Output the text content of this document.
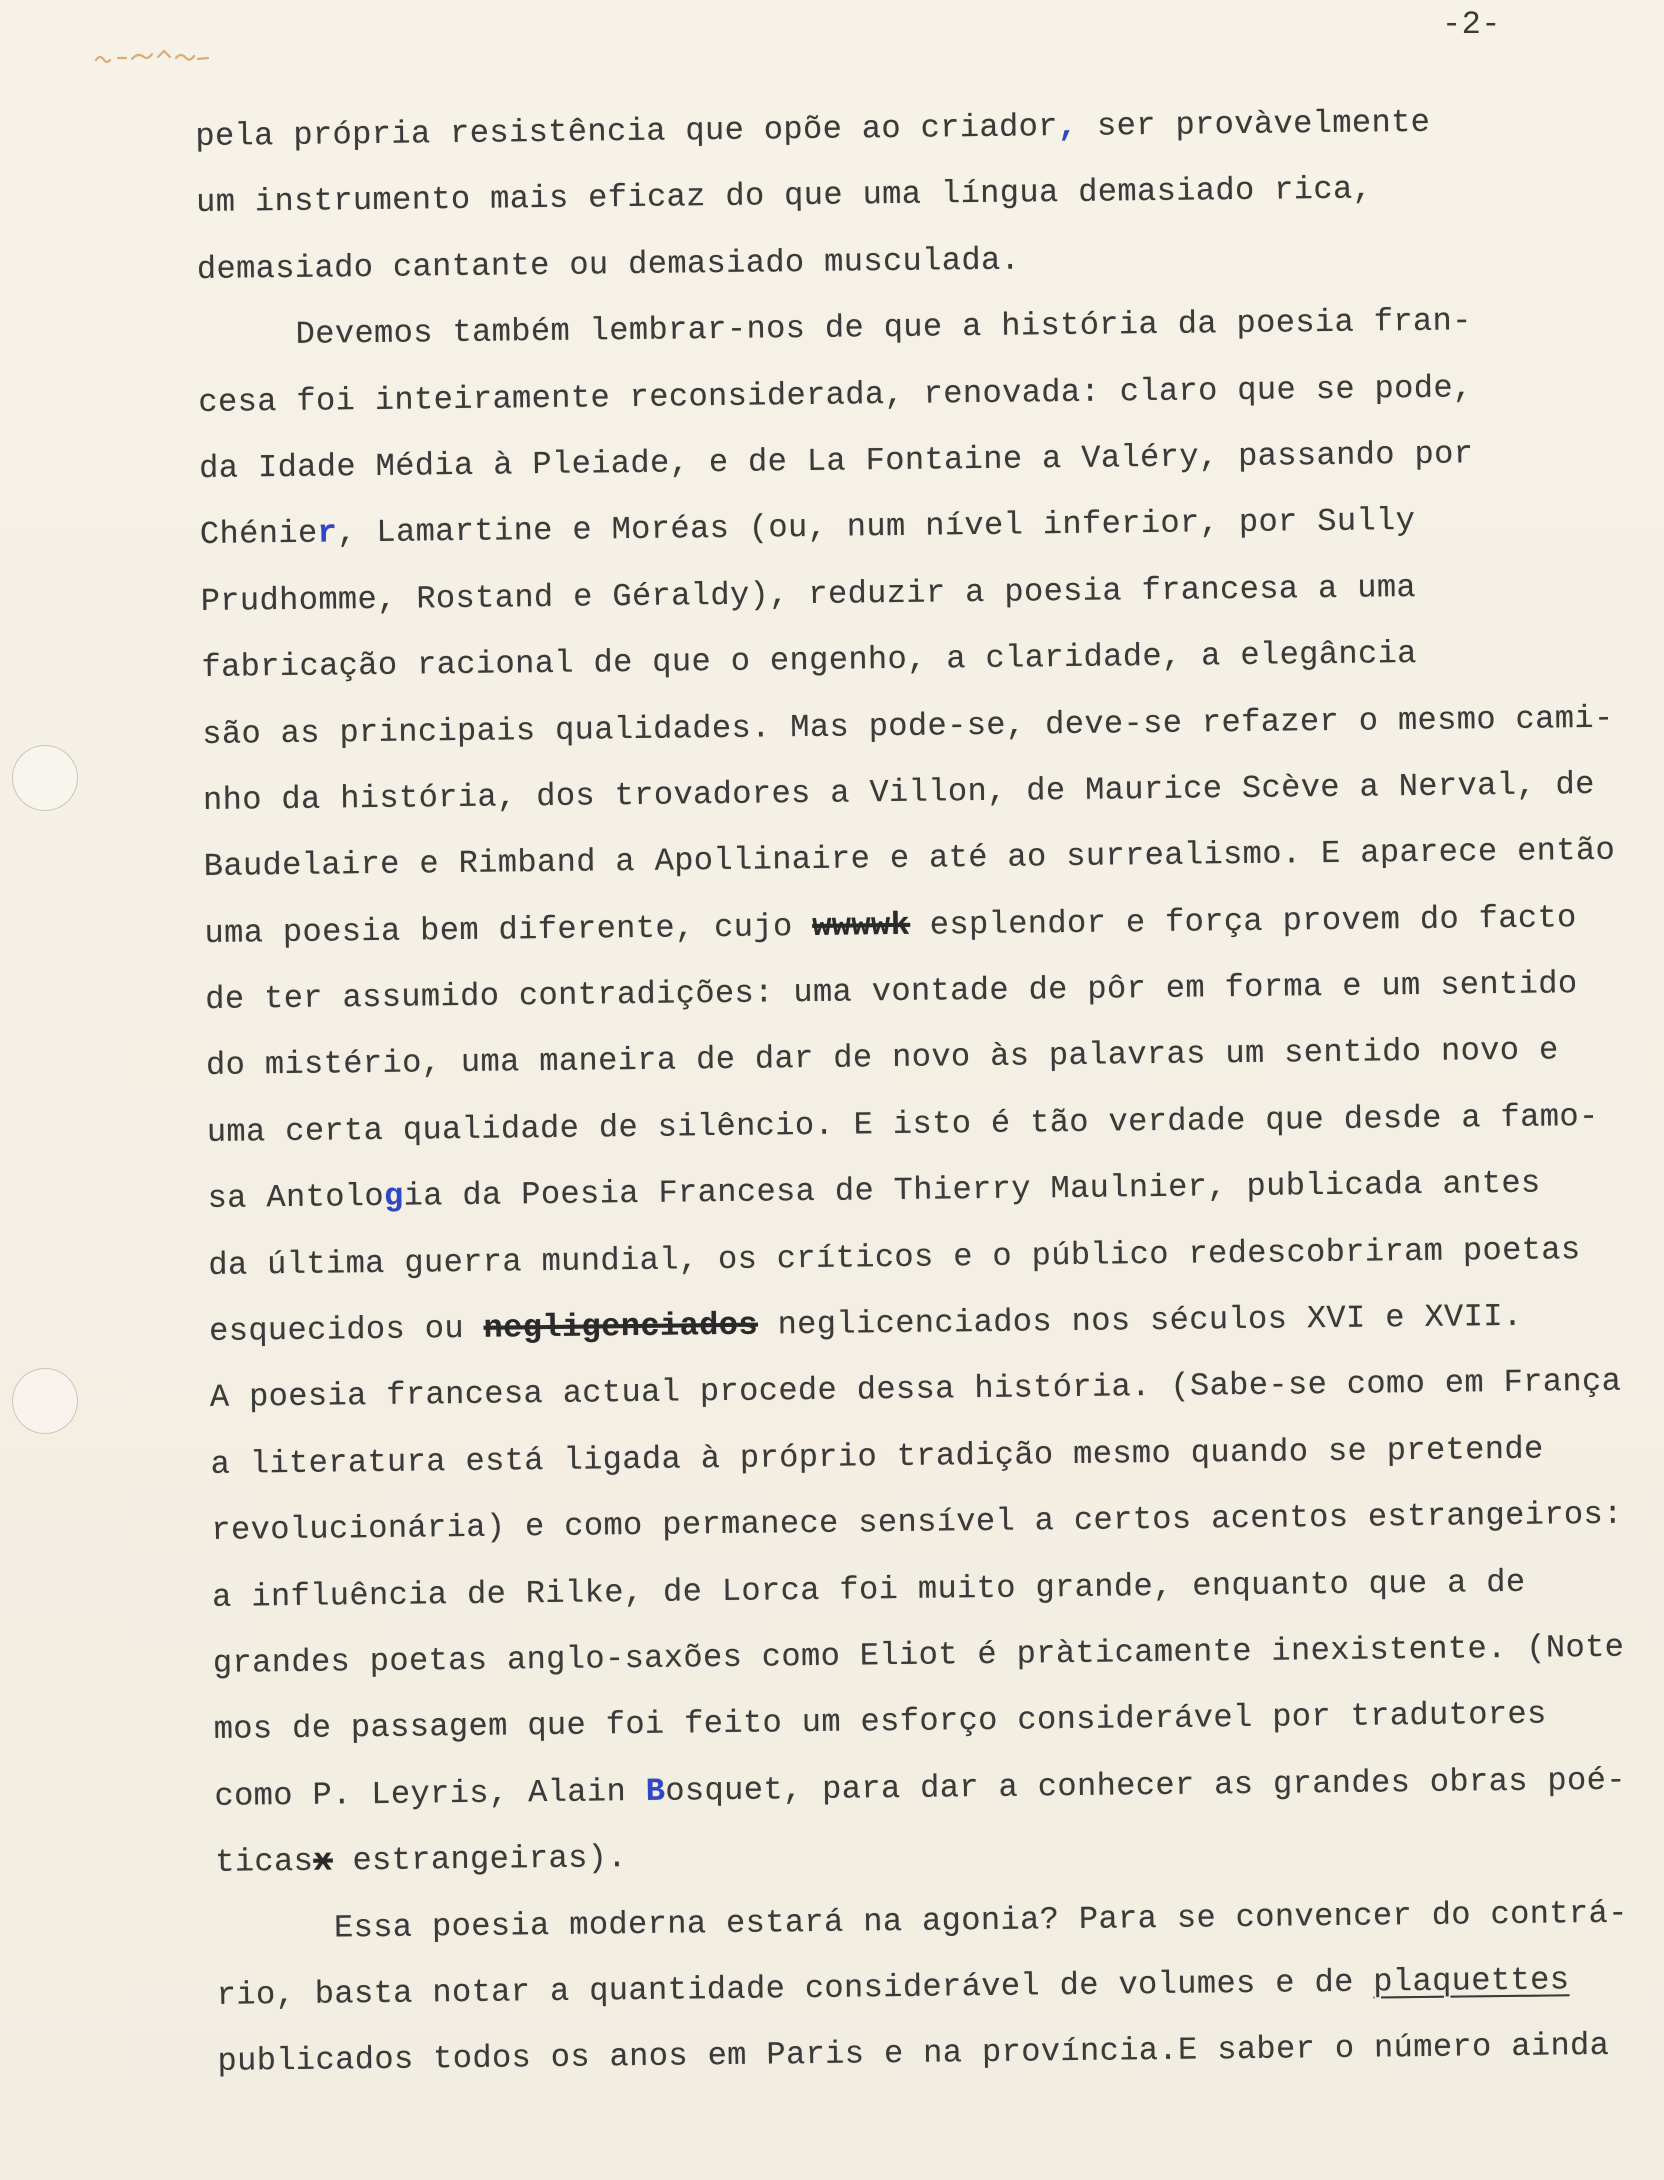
-2-
pela própria resistência que opõe ao criador, ser provàvelmente
um instrumento mais eficaz do que uma língua demasiado rica,
demasiado cantante ou demasiado musculada.
Devemos também lembrar-nos de que a história da poesia fran-
cesa foi inteiramente reconsiderada, renovada: claro que se pode,
da Idade Média à Pleiade, e de La Fontaine a Valéry, passando por
Chénier, Lamartine e Moréas (ou, num nível inferior, por Sully
Prudhomme, Rostand e Géraldy), reduzir a poesia francesa a uma
fabricação racional de que o engenho, a claridade, a elegância
são as principais qualidades. Mas pode-se, deve-se refazer o mesmo cami-
nho da história, dos trovadores a Villon, de Maurice Scève a Nerval, de
Baudelaire e Rimband a Apollinaire e até ao surrealismo. E aparece então
uma poesia bem diferente, cujo wwwwk esplendor e força provem do facto
de ter assumido contradições: uma vontade de pôr em forma e um sentido
do mistério, uma maneira de dar de novo às palavras um sentido novo e
uma certa qualidade de silêncio. E isto é tão verdade que desde a famo-
sa Antologia da Poesia Francesa de Thierry Maulnier, publicada antes
da última guerra mundial, os críticos e o público redescobriram poetas
esquecidos ou negligenciados neglicenciados nos séculos XVI e XVII.
A poesia francesa actual procede dessa história. (Sabe-se como em França
a literatura está ligada à próprio tradição mesmo quando se pretende
revolucionária) e como permanece sensível a certos acentos estrangeiros:
a influência de Rilke, de Lorca foi muito grande, enquanto que a de
grandes poetas anglo-saxões como Eliot é pràticamente inexistente. (Note
mos de passagem que foi feito um esforço considerável por tradutores
como P. Leyris, Alain Bosquet, para dar a conhecer as grandes obras poé-
ticasx estrangeiras).
Essa poesia moderna estará na agonia? Para se convencer do contrá-
rio, basta notar a quantidade considerável de volumes e de plaquettes
publicados todos os anos em Paris e na província.E saber o número ainda
